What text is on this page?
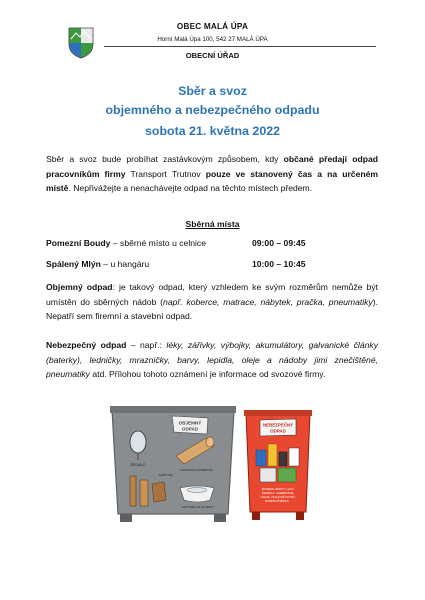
OBEC MALÁ ÚPA
Horní Malá Úpa 100, 542 27 MALÁ ÚPA
OBECNÍ ÚŘAD
Sběr a svoz
objemného a nebezpečného odpadu
sobota 21. května 2022
Sběr a svoz bude probíhat zastávkovým způsobem, kdy občané předají odpad pracovníkům firmy Transport Trutnov pouze ve stanovený čas a na určeném místě. Nepřivážejte a nenachávejte odpad na těchto místech předem.
Sběrná místa
Pomezní Boudy – sběrné místo u celnice	09:00 – 09:45
Spálený Mlýn – u hangáru	10:00 – 10:45
Objemný odpad: je takový odpad, který vzhledem ke svým rozměrům nemůže být umístěn do sběrných nádob (např. koberce, matrace, nábytek, pračka, pneumatiky). Nepatří sem firemní a stavební odpad.
Nebezpečný odpad – např.: léky, zářivky, výbojky, akumulátory, galvanické články (baterky), ledničky, mrazničky, barvy, lepidla, oleje a nádoby jimi znečištěné, pneumatiky atd. Přílohou tohoto oznámení je informace od svozové firmy.
OBJEMNÝ
ODPAD
ZRCADLO
LINOLEUM A KOBERCE
NÁBYTEK
UMYVADLA A KLOZETY
NEBEZPEČNÝ
ODPAD
BATERIE, BARVY, LAKY,
ŘEDIDLA, CHEMIKÁLIE,
OLEJE, OLEJOVÉ FILTRY,
ROZPOUŠTĚDLA...
